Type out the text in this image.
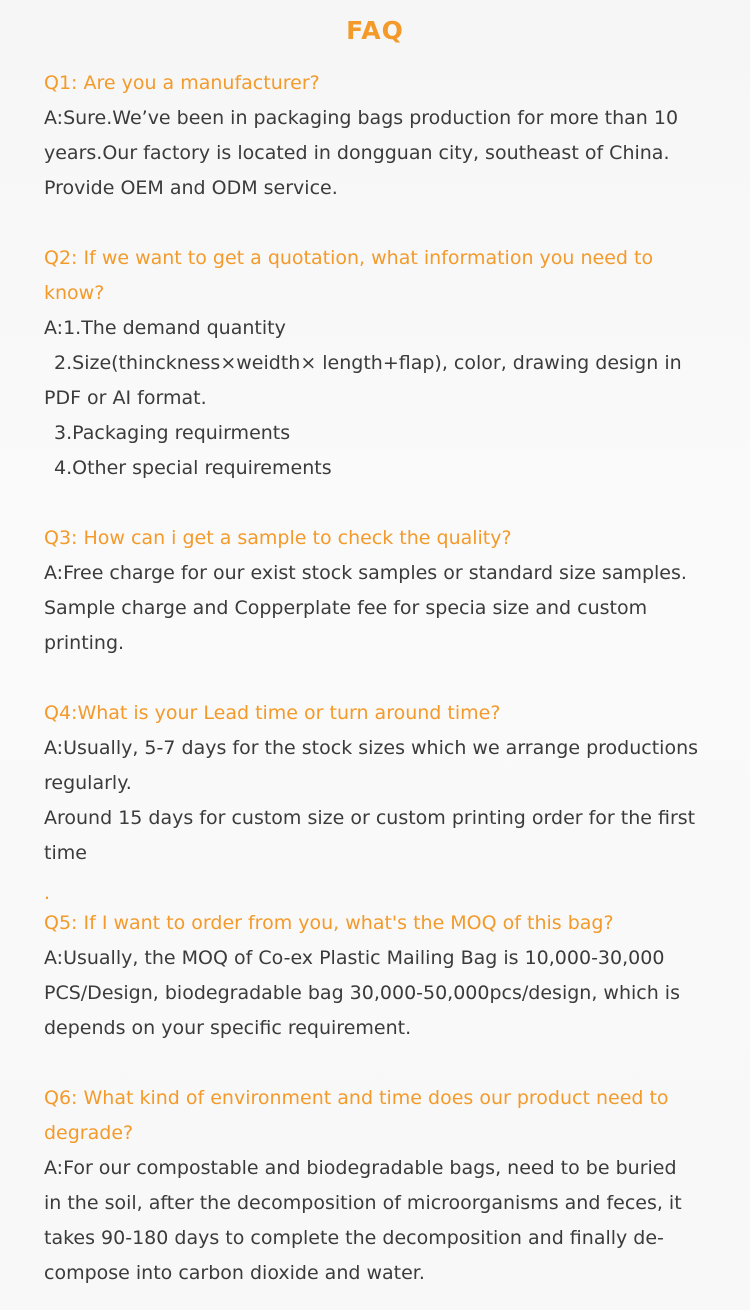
FAQ
Q1: Are you a manufacturer?
A:Sure.We’ve been in packaging bags production for more than 10
years.Our factory is located in dongguan city, southeast of China.
Provide OEM and ODM service.
Q2: If we want to get a quotation, what information you need to
know?
A:1.The demand quantity
2.Size(thinckness×weidth× length+flap), color, drawing design in
PDF or AI format.
3.Packaging requirments
4.Other special requirements
Q3: How can i get a sample to check the quality?
A:Free charge for our exist stock samples or standard size samples.
Sample charge and Copperplate fee for specia size and custom
printing.
Q4:What is your Lead time or turn around time?
A:Usually, 5-7 days for the stock sizes which we arrange productions
regularly.
Around 15 days for custom size or custom printing order for the first
time
.
Q5: If I want to order from you, what's the MOQ of this bag?
A:Usually, the MOQ of Co-ex Plastic Mailing Bag is 10,000-30,000
PCS/Design, biodegradable bag 30,000-50,000pcs/design, which is
depends on your specific requirement.
Q6: What kind of environment and time does our product need to
degrade?
A:For our compostable and biodegradable bags, need to be buried
in the soil, after the decomposition of microorganisms and feces, it
takes 90-180 days to complete the decomposition and finally de-
compose into carbon dioxide and water.
